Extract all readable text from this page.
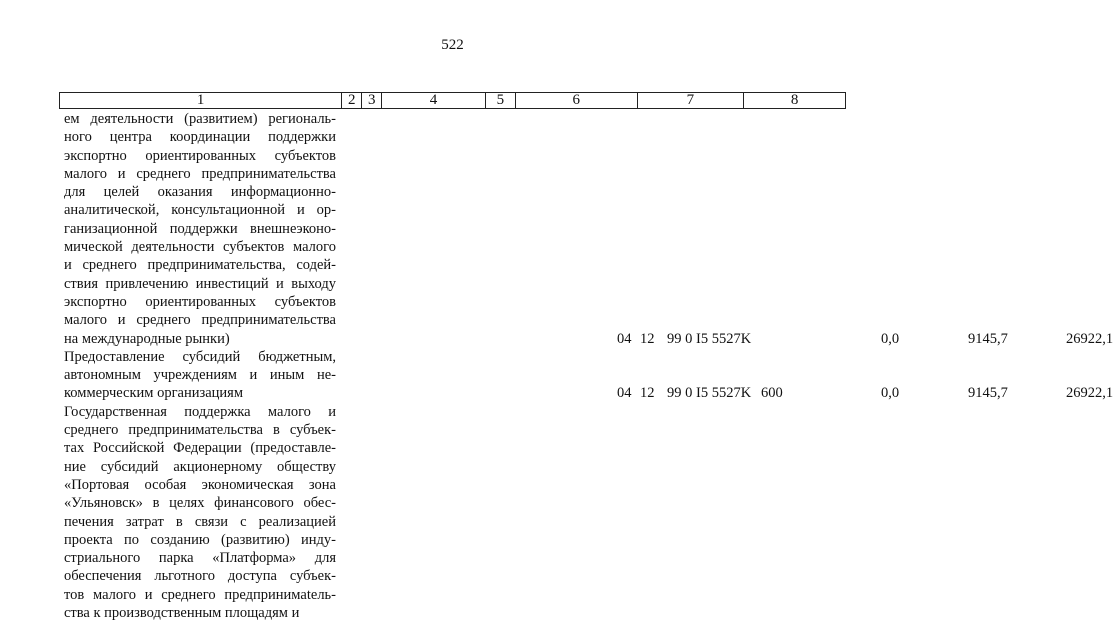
522
1	2 3	4	5	6	7	8
ем деятельности (развитием) региональ-
ного центра координации поддержки
экспортно ориентированных субъектов
малого и среднего предпринимательства
для целей оказания информационно-
аналитической, консультационной и ор-
ганизационной поддержки внешнеэконо-
мической деятельности субъектов малого
и среднего предпринимательства, содей-
ствия привлечению инвестиций и выходу
экспортно ориентированных субъектов
малого и среднего предпринимательства
на международные рынки)	04 12 99 0 I5 5527K	0,0	9145,7	26922,1
Предоставление субсидий бюджетным,
автономным учреждениям и иным не-
коммерческим организациям	04 12 99 0 I5 5527K 600	0,0	9145,7	26922,1
Государственная поддержка малого и
среднего предпринимательства в субъек-
тах Российской Федерации (предоставле-
ние субсидий акционерному обществу
«Портовая особая экономическая зона
«Ульяновск» в целях финансового обес-
печения затрат в связи с реализацией
проекта по созданию (развитию) инду-
стриального парка «Платформа» для
обеспечения льготного доступа субъек-
тов малого и среднего предпринимatель-
ства к производственным площадям и
